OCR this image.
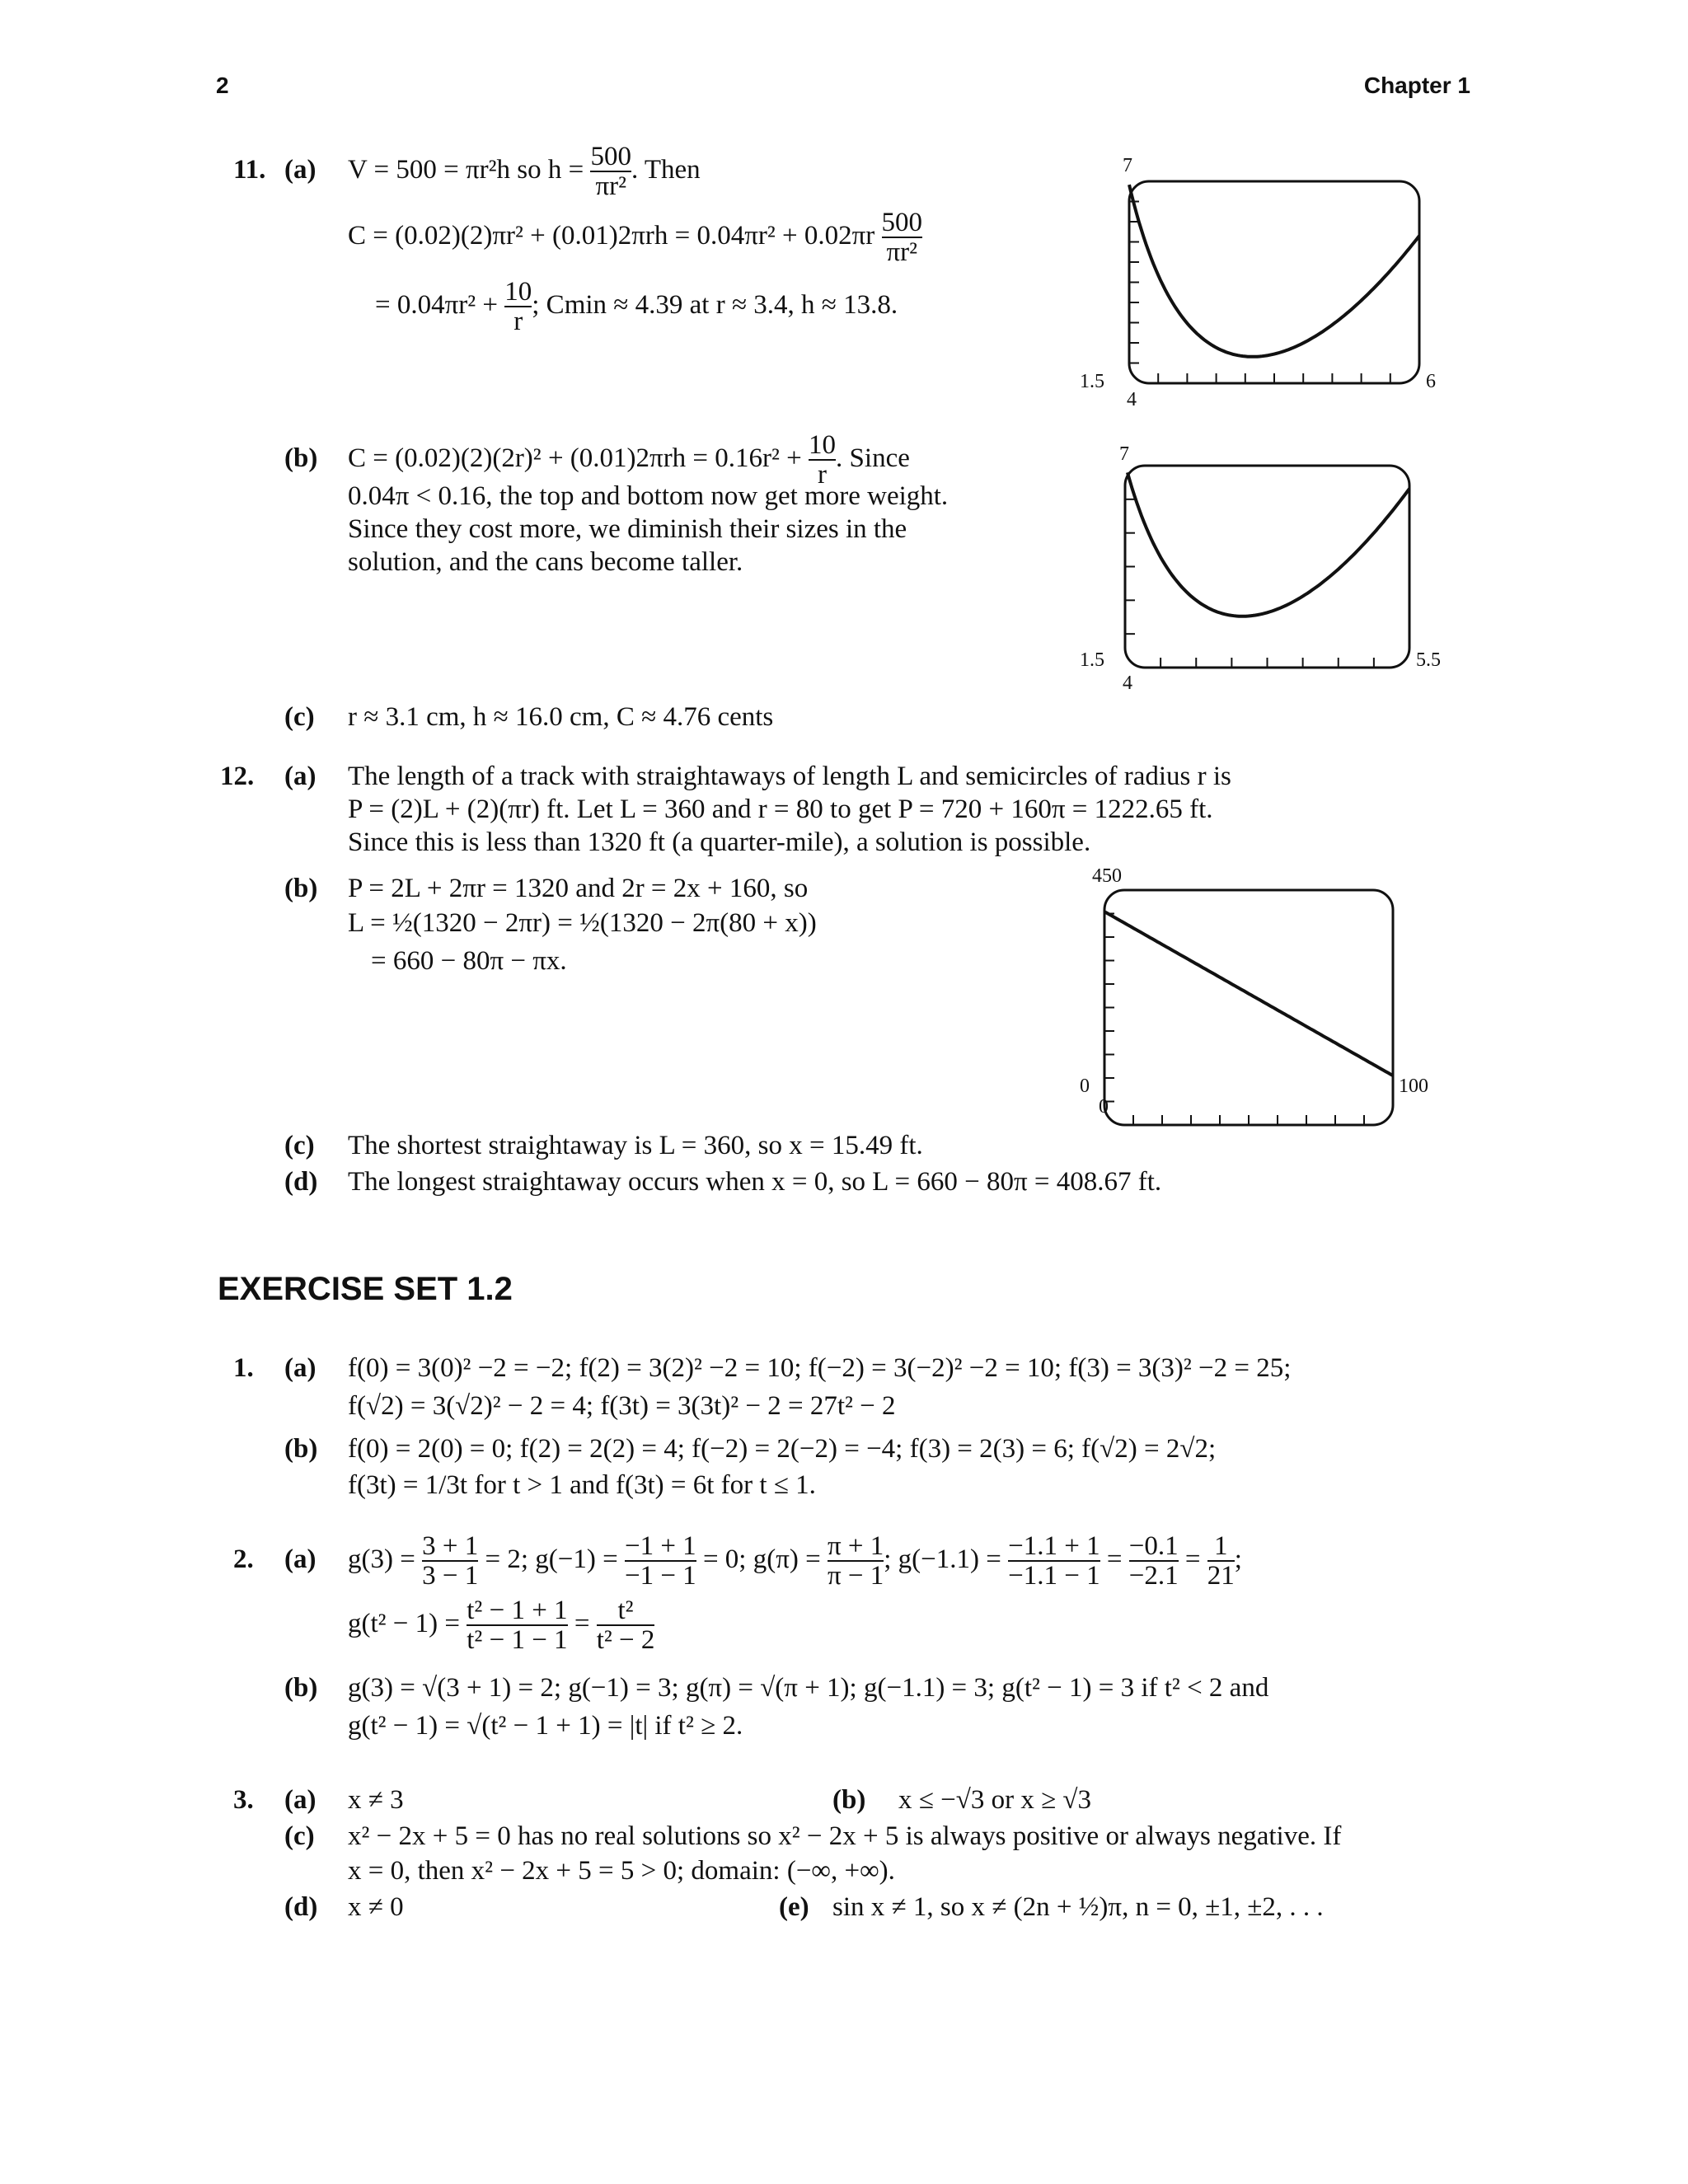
2	Chapter 1
11. (a) V = 500 = πr²h so $h = \frac{500}{\text{πr²}}$ . Then
$C = (0.02)(2)\pi r^2 + (0.01)2\pi rh = 0.04\pi r^2 + 0.02\pi r \frac{500}{\text{πr²}}$
= $0.04\pi r^2 + \frac{10}{r}$ ; Cmin ≈ 4.39 at r ≈ 3.4, h ≈ 13.8.
7
4
1.5	6
(b) $C = (0.02)(2)(2r)^2 + (0.01)2\pi rh = 0.16r^2 + \frac{10}{r}$ . Since
0.04π < 0.16, the top and bottom now get more weight.
Since they cost more, we diminish their sizes in the
solution, and the cans become taller.
7
4
1.5	5.5
(c) r ≈ 3.1 cm, h ≈ 16.0 cm, C ≈ 4.76 cents
12. (a) The length of a track with straightaways of length L and semicircles of radius r is
P = (2)L + (2)(πr) ft. Let L = 360 and r = 80 to get P = 720 + 160π = 1222.65 ft.
Since this is less than 1320 ft (a quarter-mile), a solution is possible.
(b) P = 2L + 2πr = 1320 and 2r = 2x + 160, so
L = ½(1320 − 2πr) = ½(1320 − 2π(80 + x))
= 660 − 80π − πx.
450
0
0
100
(c) The shortest straightaway is L = 360, so x = 15.49 ft.
(d) The longest straightaway occurs when x = 0, so L = 660 − 80π = 408.67 ft.
EXERCISE SET 1.2
1. (a) f(0) = 3(0)² −2 = −2; f(2) = 3(2)² −2 = 10; f(−2) = 3(−2)² −2 = 10; f(3) = 3(3)² −2 = 25;
f(√2) = 3(√2)² − 2 = 4; f(3t) = 3(3t)² − 2 = 27t² − 2
(b) f(0) = 2(0) = 0; f(2) = 2(2) = 4; f(−2) = 2(−2) = −4; f(3) = 2(3) = 6; f(√2) = 2√2;
f(3t) = 1/3t for t > 1 and f(3t) = 6t for t ≤ 1.
2. (a) $g(3) = \frac{3 + 1}{3 - 1} = 2$; $g(-1) = \frac{-1 + 1}{-1 - 1} = 0$; $g(\pi) = \frac{\pi + 1}{\pi - 1}$ ; $g(-1.1) = \frac{-1.1 + 1}{-1.1 - 1} = \frac{-0.1}{-2.1} = \frac{1}{21}$ ;
$g(t^2 - 1) = \frac{\text{t² − 1 + 1}}{\text{t² − 1 − 1}} = \frac{\text{t²}}{\text{t² − 2}}$
(b) g(3) = √(3 + 1) = 2; g(−1) = 3; g(π) = √(π + 1); g(−1.1) = 3; g(t² − 1) = 3 if t² < 2 and
g(t² − 1) = √(t² − 1 + 1) = |t| if t² ≥ 2.
3. (a) x ≠ 3	(b) x ≤ −√3 or x ≥ √3
(c) x² − 2x + 5 = 0 has no real solutions so x² − 2x + 5 is always positive or always negative. If
x = 0, then x² − 2x + 5 = 5 > 0; domain: (−∞, +∞).
(d) x ≠ 0	(e) sin x ≠ 1, so x ≠ (2n + ½)π, n = 0, ±1, ±2, . . .
